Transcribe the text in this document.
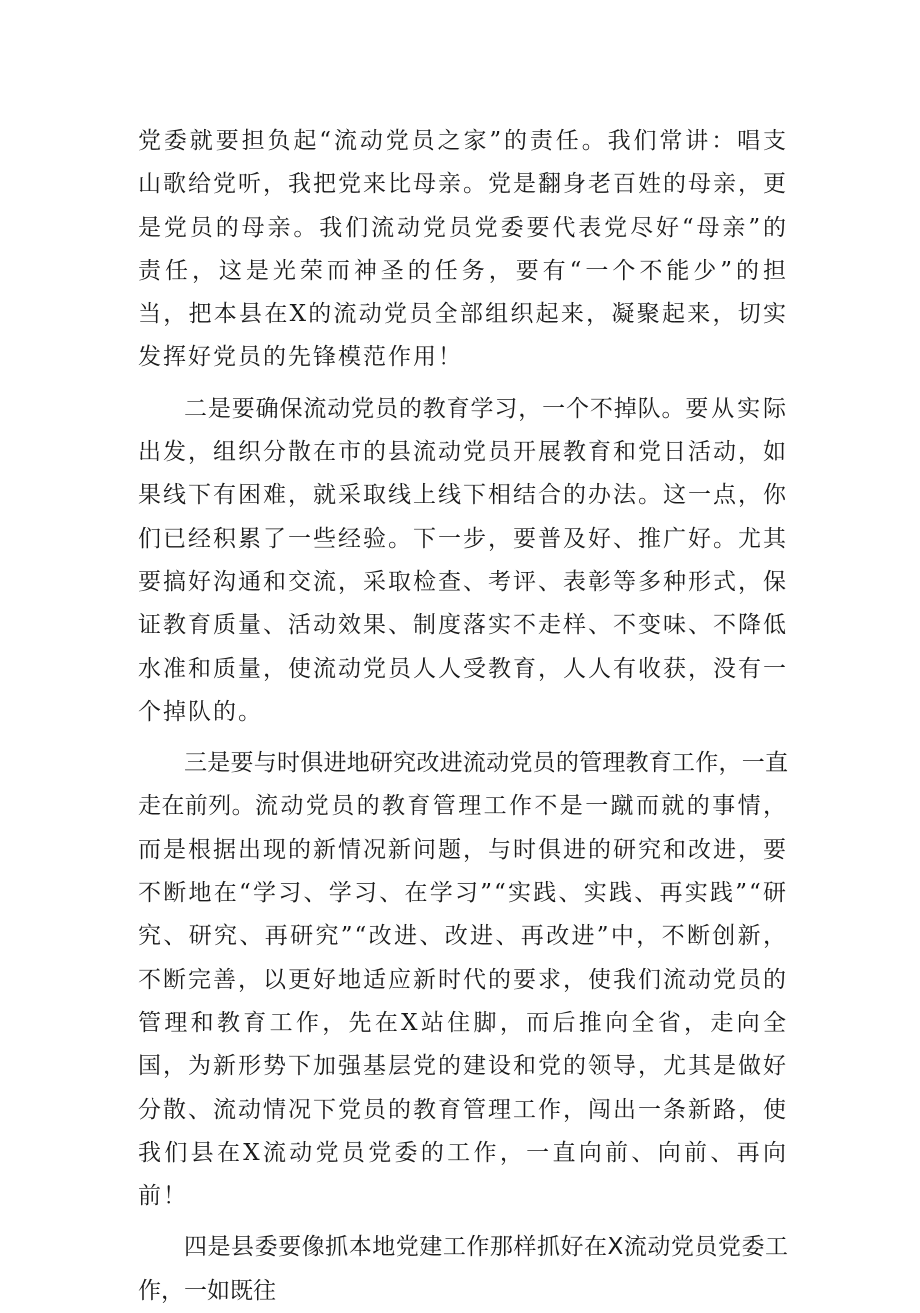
党委就要担负起“流动党员之家”的责任。我们常讲：唱支山歌给党听，我把党来比母亲。党是翻身老百姓的母亲，更是党员的母亲。我们流动党员党委要代表党尽好“母亲”的责任，这是光荣而神圣的任务，要有“一个不能少”的担当，把本县在X的流动党员全部组织起来，凝聚起来，切实发挥好党员的先锋模范作用！

二是要确保流动党员的教育学习，一个不掉队。要从实际出发，组织分散在市的县流动党员开展教育和党日活动，如果线下有困难，就采取线上线下相结合的办法。这一点，你们已经积累了一些经验。下一步，要普及好、推广好。尤其要搞好沟通和交流，采取检查、考评、表彰等多种形式，保证教育质量、活动效果、制度落实不走样、不变味、不降低水准和质量，使流动党员人人受教育，人人有收获，没有一个掉队的。

三是要与时俱进地研究改进流动党员的管理教育工作，一直走在前列。流动党员的教育管理工作不是一蹴而就的事情，而是根据出现的新情况新问题，与时俱进的研究和改进，要不断地在“学习、学习、在学习”“实践、实践、再实践”“研究、研究、再研究”“改进、改进、再改进”中，不断创新，不断完善，以更好地适应新时代的要求，使我们流动党员的管理和教育工作，先在X站住脚，而后推向全省，走向全国，为新形势下加强基层党的建设和党的领导，尤其是做好分散、流动情况下党员的教育管理工作，闯出一条新路，使我们县在X流动党员党委的工作，一直向前、向前、再向前！

四是县委要像抓本地党建工作那样抓好在X流动党员党委工作，一如既往
